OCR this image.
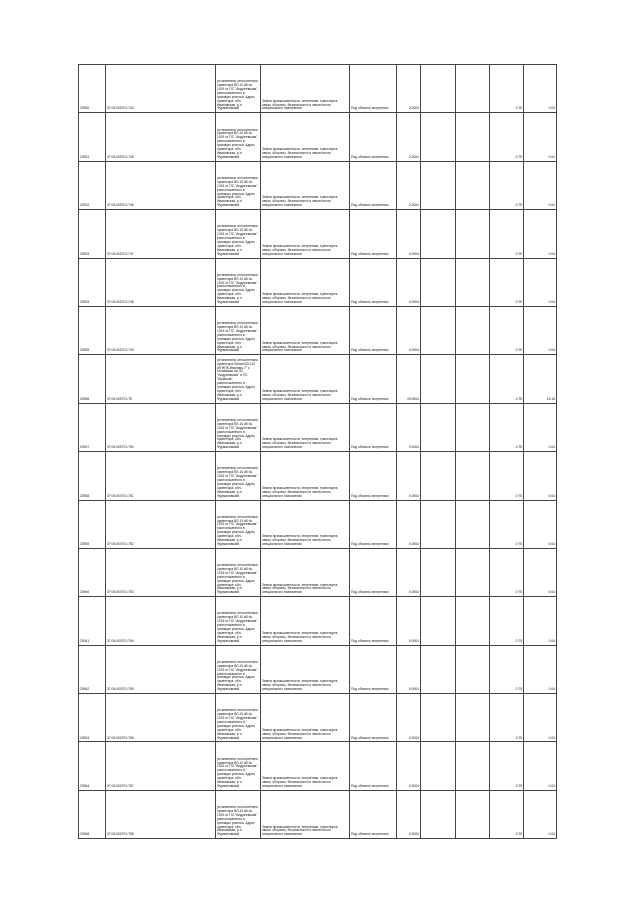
20930	37:04:000701:744	установлено относительно ориентира ВЛ-10 кВ № 1015 от ПС "Андреевская", расположенного в границах участка. Адрес ориентира: обл. Ивановская, р-н Фурмановский	Земли промышленности, энергетики, транспорта, связи, обороны, безопасности и земли иного специального назначения	Под объекты энергетики	0.0004			0.75	0.04
20931	37:04:000701:745	установлено относительно ориентира ВЛ-10 кВ № 1015 от ПС "Андреевская", расположенного в границах участка. Адрес ориентира: обл. Ивановская, р-н Фурмановский	Земли промышленности, энергетики, транспорта, связи, обороны, безопасности и земли иного специального назначения	Под объекты энергетики	0.0004			0.75	0.04
20932	37:04:000701:746	установлено относительно ориентира ВЛ-10 кВ № 1015 от ПС "Андреевская", расположенного в границах участка. Адрес ориентира: обл. Ивановская, р-н Фурмановский	Земли промышленности, энергетики, транспорта, связи, обороны, безопасности и земли иного специального назначения	Под объекты энергетики	0.0004			0.75	0.04
20933	37:04:000701:747	установлено относительно ориентира ВЛ-10 кВ № 1015 от ПС "Андреевская", расположенного в границах участка. Адрес ориентира: обл. Ивановская, р-н Фурмановский	Земли промышленности, энергетики, транспорта, связи, обороны, безопасности и земли иного специального назначения	Под объекты энергетики	0.0004			0.75	0.04
20934	37:04:000701:748	установлено относительно ориентира ВЛ-10 кВ № 1015 от ПС "Андреевская", расположенного в границах участка. Адрес ориентира: обл. Ивановская, р-н Фурмановский	Земли промышленности, энергетики, транспорта, связи, обороны, безопасности и земли иного специального назначения	Под объекты энергетики	0.0004			0.75	0.04
20935	37:04:000701:749	установлено относительно ориентира ВЛ-10 кВ № 1015 от ПС "Андреевская", расположенного в границах участка. Адрес ориентира: обл. Ивановская, р-н Фурмановский	Земли промышленности, энергетики, транспорта, связи, обороны, безопасности и земли иного специального назначения	Под объекты энергетики	0.0004			0.75	0.04
20936	37:04:000701:75	установлено относительно ориентира Линия ВЛ-110 кВ"ФПК-Иваново-7" с отпайками на ПС "Андреевская" и ПС "Шуйская", расположенного в границах участка. Адрес ориентира: обл. Ивановская, р-н Фурмановский	Земли промышленности, энергетики, транспорта, связи, обороны, безопасности и земли иного специального назначения	Под объекты энергетики	20.0004			0.75	15.15
20937	37:04:000701:750	установлено относительно ориентира ВЛ-10 кВ № 1015 от ПС "Андреевская", расположенного в границах участка. Адрес ориентира: обл. Ивановская, р-н Фурмановский	Земли промышленности, энергетики, транспорта, связи, обороны, безопасности и земли иного специального назначения	Под объекты энергетики	0.0004			0.75	0.04
20938	37:04:000701:751	установлено относительно ориентира ВЛ-10 кВ № 1015 от ПС "Андреевская", расположенного в границах участка. Адрес ориентира: обл. Ивановская, р-н Фурмановский	Земли промышленности, энергетики, транспорта, связи, обороны, безопасности и земли иного специального назначения	Под объекты энергетики	0.0004			0.75	0.04
20939	37:04:000701:752	установлено относительно ориентира ВЛ-10 кВ № 1015 от ПС "Андреевская", расположенного в границах участка. Адрес ориентира: обл. Ивановская, р-н Фурмановский	Земли промышленности, энергетики, транспорта, связи, обороны, безопасности и земли иного специального назначения	Под объекты энергетики	0.0004			0.75	0.04
20940	37:04:000701:753	установлено относительно ориентира ВЛ-10 кВ № 1015 от ПС "Андреевская", расположенного в границах участка. Адрес ориентира: обл. Ивановская, р-н Фурмановский	Земли промышленности, энергетики, транспорта, связи, обороны, безопасности и земли иного специального назначения	Под объекты энергетики	0.0004			0.75	0.04
20941	37:04:000701:754	установлено относительно ориентира ВЛ-10 кВ № 1015 от ПС "Андреевская", расположенного в границах участка. Адрес ориентира: обл. Ивановская, р-н Фурмановский	Земли промышленности, энергетики, транспорта, связи, обороны, безопасности и земли иного специального назначения	Под объекты энергетики	0.0004			0.75	0.04
20942	37:04:000701:755	установлено относительно ориентира ВЛ-10 кВ № 1015 от ПС "Андреевская", расположенного в границах участка. Адрес ориентира: обл. Ивановская, р-н Фурмановский	Земли промышленности, энергетики, транспорта, связи, обороны, безопасности и земли иного специального назначения	Под объекты энергетики	0.0004			0.75	0.04
20943	37:04:000701:756	установлено относительно ориентира ВЛ-10 кВ № 1015 от ПС "Андреевская", расположенного в границах участка. Адрес ориентира: обл. Ивановская, р-н Фурмановский	Земли промышленности, энергетики, транспорта, связи, обороны, безопасности и земли иного специального назначения	Под объекты энергетики	0.0004			0.75	0.04
20944	37:04:000701:757	установлено относительно ориентира ВЛ-10 кВ № 1015 от ПС "Андреевская", расположенного в границах участка. Адрес ориентира: обл. Ивановская, р-н Фурмановский	Земли промышленности, энергетики, транспорта, связи, обороны, безопасности и земли иного специального назначения	Под объекты энергетики	0.0004			0.75	0.04
20945	37:04:000701:758	установлено относительно ориентира ВЛ-10 кВ № 1015 от ПС "Андреевская", расположенного в границах участка. Адрес ориентира: обл. Ивановская, р-н Фурмановский	Земли промышленности, энергетики, транспорта, связи, обороны, безопасности и земли иного специального назначения	Под объекты энергетики	0.0004			0.75	0.04
